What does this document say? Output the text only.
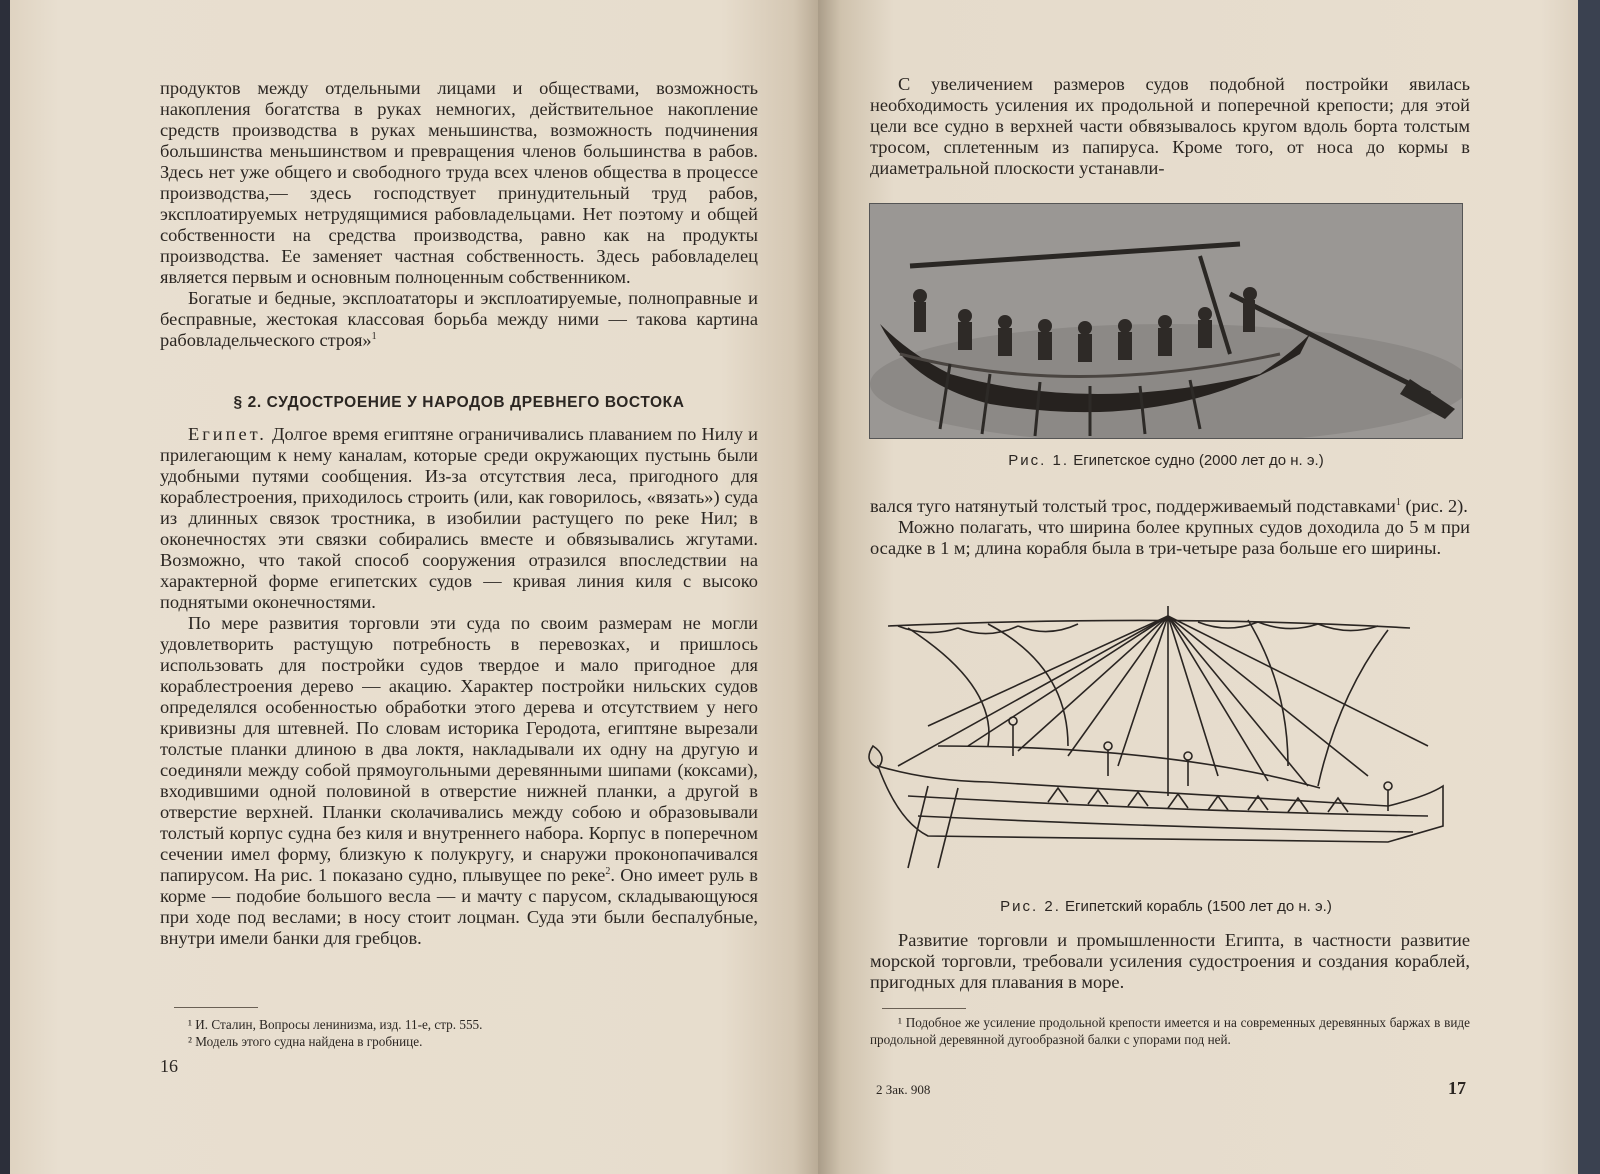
продуктов между отдельными лицами и обществами, возможность накопления богатства в руках немногих, действительное накопление средств производства в руках меньшинства, возможность подчинения большинства меньшинством и превращения членов большинства в рабов. Здесь нет уже общего и свободного труда всех членов общества в процессе производства,— здесь господствует принудительный труд рабов, эксплоатируемых нетрудящимися рабовладельцами. Нет поэтому и общей собственности на средства производства, равно как на продукты производства. Ее заменяет частная собственность. Здесь рабовладелец является первым и основным полноценным собственником.

Богатые и бедные, эксплоататоры и эксплоатируемые, полноправные и бесправные, жестокая классовая борьба между ними — такова картина рабовладельческого строя»$^1$

§ 2. СУДОСТРОЕНИЕ У НАРОДОВ ДРЕВНЕГО ВОСТОКА

Египет. Долгое время египтяне ограничивались плаванием по Нилу и прилегающим к нему каналам, которые среди окружающих пустынь были удобными путями сообщения. Из-за отсутствия леса, пригодного для кораблестроения, приходилось строить (или, как говорилось, «вязать») суда из длинных связок тростника, в изобилии растущего по реке Нил; в оконечностях эти связки собирались вместе и обвязывались жгутами. Возможно, что такой способ сооружения отразился впоследствии на характерной форме египетских судов — кривая линия киля с высоко поднятыми оконечностями.

По мере развития торговли эти суда по своим размерам не могли удовлетворить растущую потребность в перевозках, и пришлось использовать для постройки судов твердое и мало пригодное для кораблестроения дерево — акацию. Характер постройки нильских судов определялся особенностью обработки этого дерева и отсутствием у него кривизны для штевней. По словам историка Геродота, египтяне вырезали толстые планки длиною в два локтя, накладывали их одну на другую и соединяли между собой прямоугольными деревянными шипами (коксами), входившими одной половиной в отверстие нижней планки, а другой в отверстие верхней. Планки сколачивались между собою и образовывали толстый корпус судна без киля и внутреннего набора. Корпус в поперечном сечении имел форму, близкую к полукругу, и снаружи проконопачивался папирусом. На рис. 1 показано судно, плывущее по реке$^2$. Оно имеет руль в корме — подобие большого весла — и мачту с парусом, складывающуюся при ходе под веслами; в носу стоит лоцман. Суда эти были беспалубные, внутри имели банки для гребцов.

¹ И. Сталин, Вопросы ленинизма, изд. 11-е, стр. 555.

² Модель этого судна найдена в гробнице.

16

С увеличением размеров судов подобной постройки явилась необходимость усиления их продольной и поперечной крепости; для этой цели все судно в верхней части обвязывалось кругом вдоль борта толстым тросом, сплетенным из папируса. Кроме того, от носа до кормы в диаметральной плоскости устанавли-

Рис. 1. Египетское судно (2000 лет до н. э.)

вался туго натянутый толстый трос, поддерживаемый подставками$^1$ (рис. 2).

Можно полагать, что ширина более крупных судов доходила до 5 м при осадке в 1 м; длина корабля была в три-четыре раза больше его ширины.

Рис. 2. Египетский корабль (1500 лет до н. э.)

Развитие торговли и промышленности Египта, в частности развитие морской торговли, требовали усиления судостроения и создания кораблей, пригодных для плавания в море.

¹ Подобное же усиление продольной крепости имеется и на современных деревянных баржах в виде продольной деревянной дугообразной балки с упорами под ней.

2 Зак. 908	17
